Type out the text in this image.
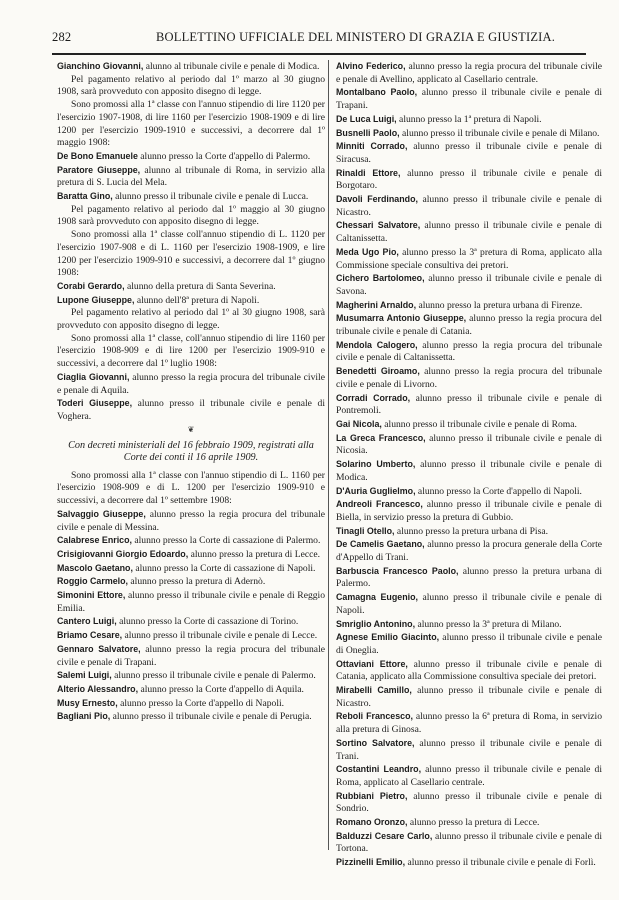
282	BOLLETTINO UFFICIALE DEL MINISTERO DI GRAZIA E GIUSTIZIA.

Gianchino Giovanni, alunno al tribunale civile e penale di Modica.

Pel pagamento relativo al periodo dal 1º marzo al 30 giugno 1908, sarà provveduto con apposito disegno di legge.

Sono promossi alla 1ª classe con l'annuo stipendio di lire 1120 per l'esercizio 1907-1908, di lire 1160 per l'esercizio 1908-1909 e di lire 1200 per l'esercizio 1909-1910 e successivi, a decorrere dal 1º maggio 1908:

De Bono Emanuele alunno presso la Corte d'appello di Palermo.

Paratore Giuseppe, alunno al tribunale di Roma, in servizio alla pretura di S. Lucia del Mela.

Baratta Gino, alunno presso il tribunale civile e penale di Lucca.

Pel pagamento relativo al periodo dal 1º maggio al 30 giugno 1908 sarà provveduto con apposito disegno di legge.

Sono promossi alla 1ª classe coll'annuo stipendio di L. 1120 per l'esercizio 1907-908 e di L. 1160 per l'esercizio 1908-1909, e lire 1200 per l'esercizio 1909-910 e successivi, a decorrere dal 1º giugno 1908:

Corabi Gerardo, alunno della pretura di Santa Severina.

Lupone Giuseppe, alunno dell'8ª pretura di Napoli.

Pel pagamento relativo al periodo dal 1º al 30 giugno 1908, sarà provveduto con apposito disegno di legge.

Sono promossi alla 1ª classe, coll'annuo stipendio di lire 1160 per l'esercizio 1908-909 e di lire 1200 per l'esercizio 1909-910 e successivi, a decorrere dal 1º luglio 1908:

Ciaglia Giovanni, alunno presso la regia procura del tribunale civile e penale di Aquila.

Toderi Giuseppe, alunno presso il tribunale civile e penale di Voghera.

❦

Con decreti ministeriali del 16 febbraio 1909, registrati alla Corte dei conti il 16 aprile 1909.

Sono promossi alla 1ª classe con l'annuo stipendio di L. 1160 per l'esercizio 1908-909 e di L. 1200 per l'esercizio 1909-910 e successivi, a decorrere dal 1º settembre 1908:

Salvaggio Giuseppe, alunno presso la regia procura del tribunale civile e penale di Messina.

Calabrese Enrico, alunno presso la Corte di cassazione di Palermo.

Crisigiovanni Giorgio Edoardo, alunno presso la pretura di Lecce.

Mascolo Gaetano, alunno presso la Corte di cassazione di Napoli.

Roggio Carmelo, alunno presso la pretura di Adernò.

Simonini Ettore, alunno presso il tribunale civile e penale di Reggio Emilia.

Cantero Luigi, alunno presso la Corte di cassazione di Torino.

Briamo Cesare, alunno presso il tribunale civile e penale di Lecce.

Gennaro Salvatore, alunno presso la regia procura del tribunale civile e penale di Trapani.

Salemi Luigi, alunno presso il tribunale civile e penale di Palermo.

Alterio Alessandro, alunno presso la Corte d'appello di Aquila.

Musy Ernesto, alunno presso la Corte d'appello di Napoli.

Bagliani Pio, alunno presso il tribunale civile e penale di Perugia.

Alvino Federico, alunno presso la regia procura del tribunale civile e penale di Avellino, applicato al Casellario centrale.

Montalbano Paolo, alunno presso il tribunale civile e penale di Trapani.

De Luca Luigi, alunno presso la 1ª pretura di Napoli.

Busnelli Paolo, alunno presso il tribunale civile e penale di Milano.

Minniti Corrado, alunno presso il tribunale civile e penale di Siracusa.

Rinaldi Ettore, alunno presso il tribunale civile e penale di Borgotaro.

Davoli Ferdinando, alunno presso il tribunale civile e penale di Nicastro.

Chessari Salvatore, alunno presso il tribunale civile e penale di Caltanissetta.

Meda Ugo Pio, alunno presso la 3ª pretura di Roma, applicato alla Commissione speciale consultiva dei pretori.

Cichero Bartolomeo, alunno presso il tribunale civile e penale di Savona.

Magherini Arnaldo, alunno presso la pretura urbana di Firenze.

Musumarra Antonio Giuseppe, alunno presso la regia procura del tribunale civile e penale di Catania.

Mendola Calogero, alunno presso la regia procura del tribunale civile e penale di Caltanissetta.

Benedetti Giroamo, alunno presso la regia procura del tribunale civile e penale di Livorno.

Corradi Corrado, alunno presso il tribunale civile e penale di Pontremoli.

Gai Nicola, alunno presso il tribunale civile e penale di Roma.

La Greca Francesco, alunno presso il tribunale civile e penale di Nicosia.

Solarino Umberto, alunno presso il tribunale civile e penale di Modica.

D'Auria Guglielmo, alunno presso la Corte d'appello di Napoli.

Andreoli Francesco, alunno presso il tribunale civile e penale di Biella, in servizio presso la pretura di Gubbio.

Tinagli Otello, alunno presso la pretura urbana di Pisa.

De Camelis Gaetano, alunno presso la procura generale della Corte d'Appello di Trani.

Barbuscia Francesco Paolo, alunno presso la pretura urbana di Palermo.

Camagna Eugenio, alunno presso il tribunale civile e penale di Napoli.

Smriglio Antonino, alunno presso la 3ª pretura di Milano.

Agnese Emilio Giacinto, alunno presso il tribunale civile e penale di Oneglia.

Ottaviani Ettore, alunno presso il tribunale civile e penale di Catania, applicato alla Commissione consultiva speciale dei pretori.

Mirabelli Camillo, alunno presso il tribunale civile e penale di Nicastro.

Reboli Francesco, alunno presso la 6ª pretura di Roma, in servizio alla pretura di Ginosa.

Sortino Salvatore, alunno presso il tribunale civile e penale di Trani.

Costantini Leandro, alunno presso il tribunale civile e penale di Roma, applicato al Casellario centrale.

Rubbiani Pietro, alunno presso il tribunale civile e penale di Sondrio.

Romano Oronzo, alunno presso la pretura di Lecce.

Balduzzi Cesare Carlo, alunno presso il tribunale civile e penale di Tortona.

Pizzinelli Emilio, alunno presso il tribunale civile e penale di Forlì.
